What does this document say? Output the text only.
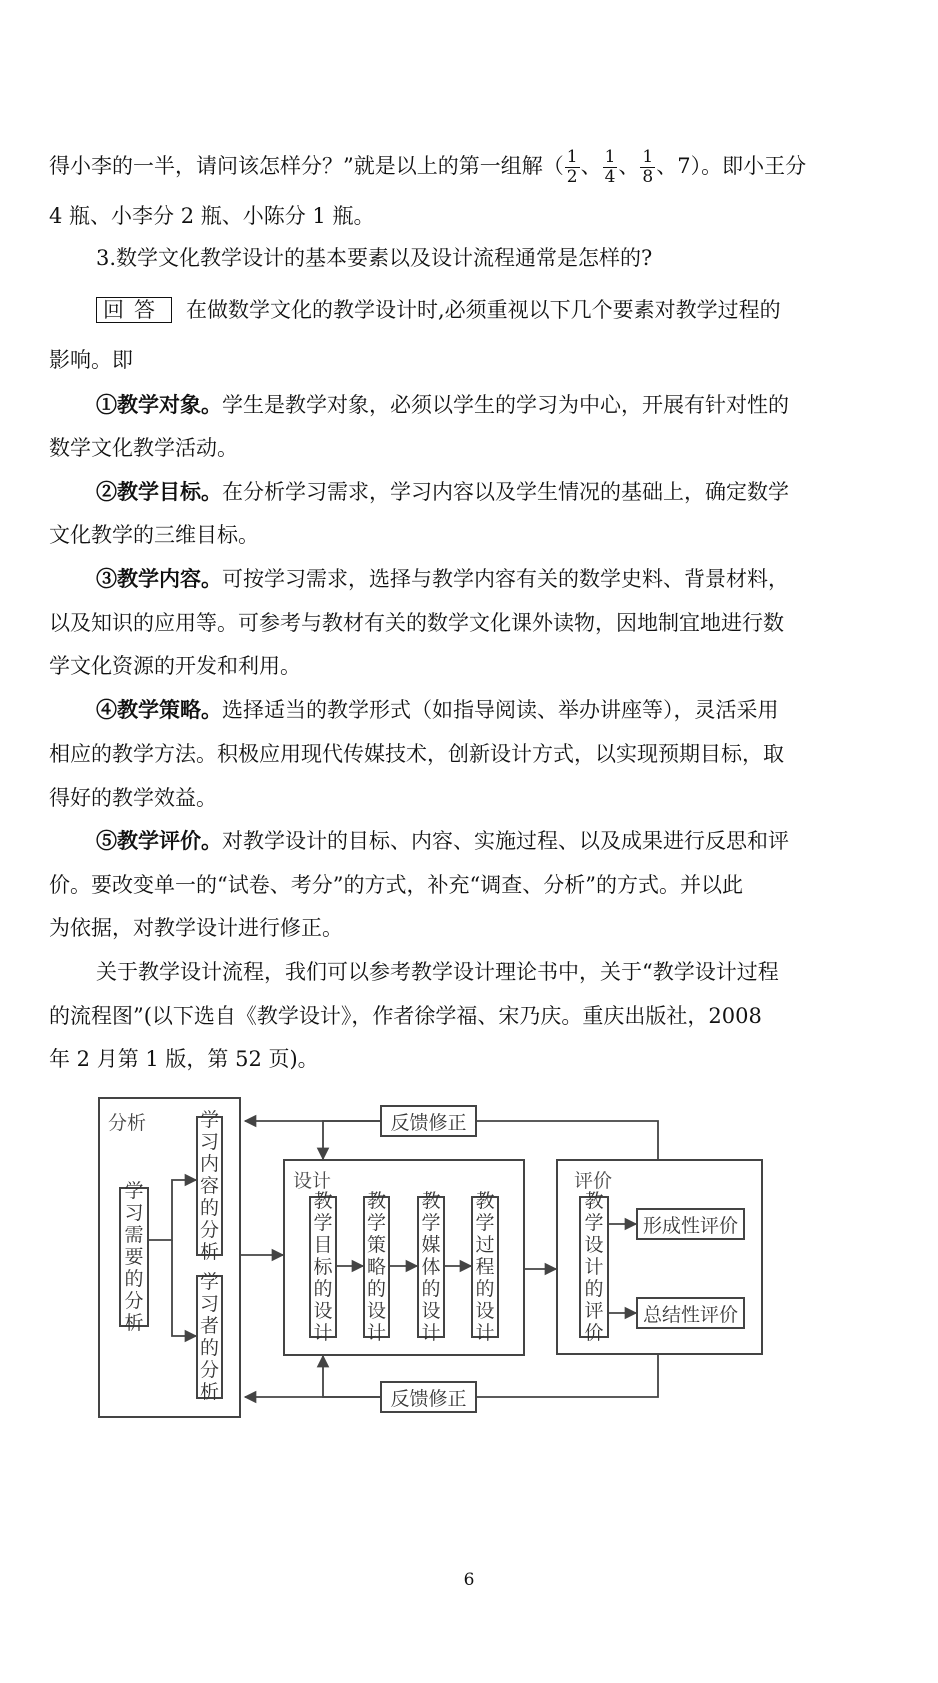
得小李的一半，请问该怎样分？”就是以上的第一组解（ $\frac{1}{2}$ 、 $\frac{1}{4}$ 、 $\frac{1}{8}$ 、7）。即小王分
4 瓶、小李分 2 瓶、小陈分 1 瓶。
3.数学文化教学设计的基本要素以及设计流程通常是怎样的?
回答 在做数学文化的教学设计时,必须重视以下几个要素对教学过程的
影响。即
①教学对象。学生是教学对象，必须以学生的学习为中心，开展有针对性的
数学文化教学活动。
②教学目标。在分析学习需求，学习内容以及学生情况的基础上，确定数学
文化教学的三维目标。
③教学内容。可按学习需求，选择与教学内容有关的数学史料、背景材料，
以及知识的应用等。可参考与教材有关的数学文化课外读物，因地制宜地进行数
学文化资源的开发和利用。
④教学策略。选择适当的教学形式（如指导阅读、举办讲座等），灵活采用
相应的教学方法。积极应用现代传媒技术，创新设计方式，以实现预期目标，取
得好的教学效益。
⑤教学评价。对教学设计的目标、内容、实施过程、以及成果进行反思和评
价。要改变单一的“试卷、考分”的方式，补充“调查、分析”的方式。并以此
为依据，对教学设计进行修正。
关于教学设计流程，我们可以参考教学设计理论书中，关于“教学设计过程
的流程图”(以下选自《教学设计》，作者徐学福、宋乃庆。重庆出版社，2008
年 2 月第 1 版，第 52 页)。
分析
学习需要的分析
学习内容的分析
学习者的分析
设计
教学目标的设计
教学策略的设计
教学媒体的设计
教学过程的设计
评价
教学设计的评价
形成性评价
总结性评价
反馈修正
反馈修正
6
